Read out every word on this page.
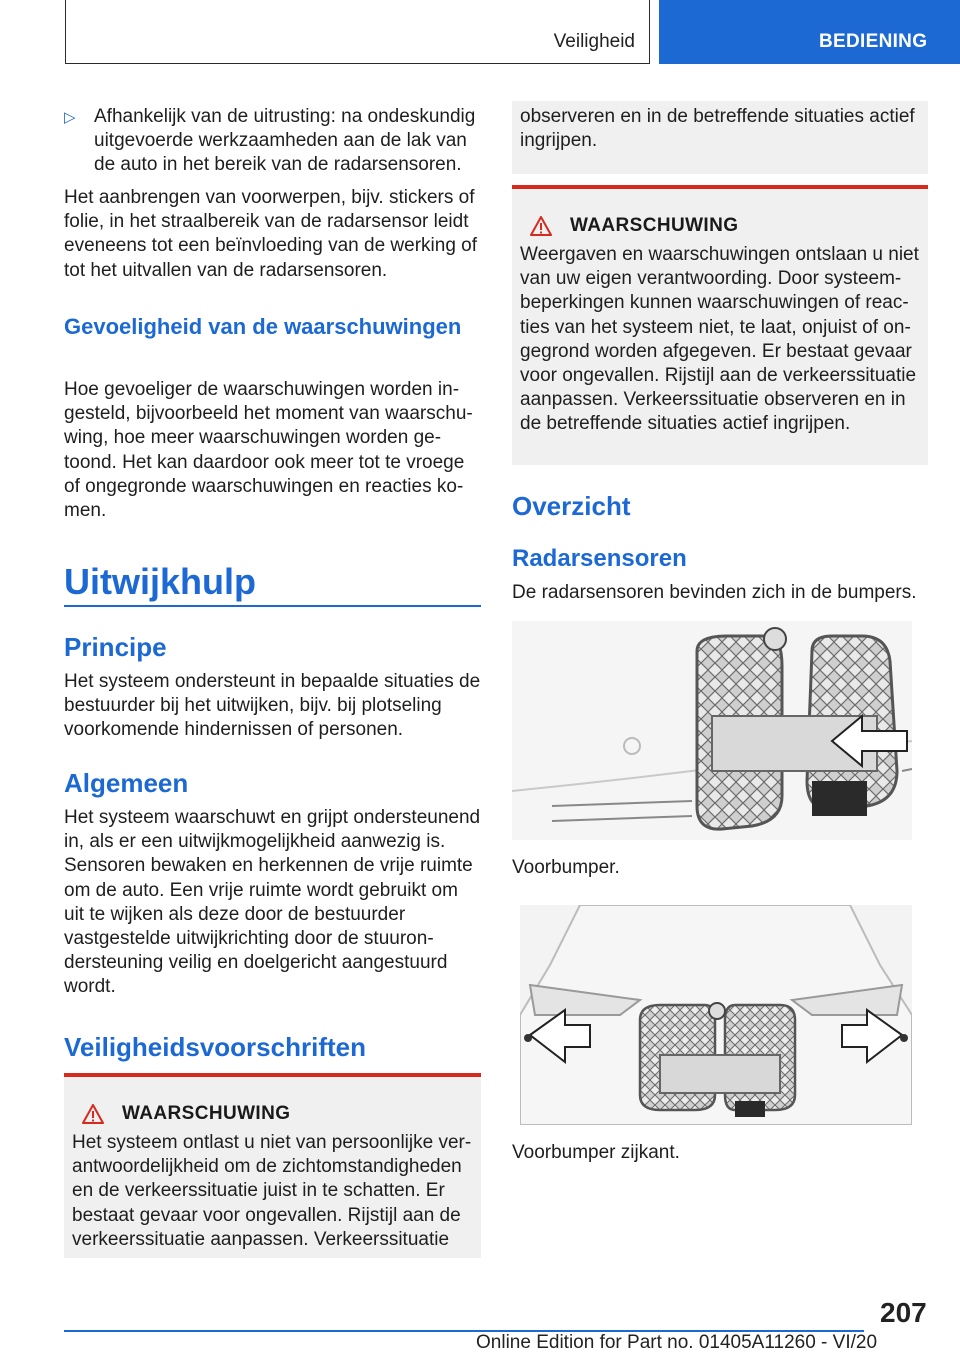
Veiligheid	BEDIENING
▷ Afhankelijk van de uitrusting: na ondeskundig uitgevoerde werkzaamheden aan de lak van de auto in het bereik van de radarsensoren.

Het aanbrengen van voorwerpen, bijv. stickers of folie, in het straalbereik van de radarsensor leidt eveneens tot een beïnvloeding van de werking of tot het uitvallen van de radarsensoren.

Gevoeligheid van de waarschuwingen

Hoe gevoeliger de waarschuwingen worden ingesteld, bijvoorbeeld het moment van waarschuwing, hoe meer waarschuwingen worden getoond. Het kan daardoor ook meer tot te vroege of ongegronde waarschuwingen en reacties komen.

Uitwijkhulp
Principe

Het systeem ondersteunt in bepaalde situaties de bestuurder bij het uitwijken, bijv. bij plotseling voorkomende hindernissen of personen.

Algemeen

Het systeem waarschuwt en grijpt ondersteunend in, als er een uitwijkmogelijkheid aanwezig is. Sensoren bewaken en herkennen de vrije ruimte om de auto. Een vrije ruimte wordt gebruikt om uit te wijken als deze door de bestuurder vastgestelde uitwijkrichting door de stuurondersteuning veilig en doelgericht aangestuurd wordt.

Veiligheidsvoorschriften
WAARSCHUWING

Het systeem ontlast u niet van persoonlijke verantwoordelijkheid om de zichtomstandigheden en de verkeerssituatie juist in te schatten. Er bestaat gevaar voor ongevallen. Rijstijl aan de verkeerssituatie aanpassen. Verkeerssituatie

observeren en in de betreffende situaties actief ingrijpen.

WAARSCHUWING

Weergaven en waarschuwingen ontslaan u niet van uw eigen verantwoording. Door systeembeperkingen kunnen waarschuwingen of reacties van het systeem niet, te laat, onjuist of ongegrond worden afgegeven. Er bestaat gevaar voor ongevallen. Rijstijl aan de verkeerssituatie aanpassen. Verkeerssituatie observeren en in de betreffende situaties actief ingrijpen.

Overzicht
Radarsensoren

De radarsensoren bevinden zich in de bumpers.

Voorbumper.

Voorbumper zijkant.

207
Online Edition for Part no. 01405A11260 - VI/20
